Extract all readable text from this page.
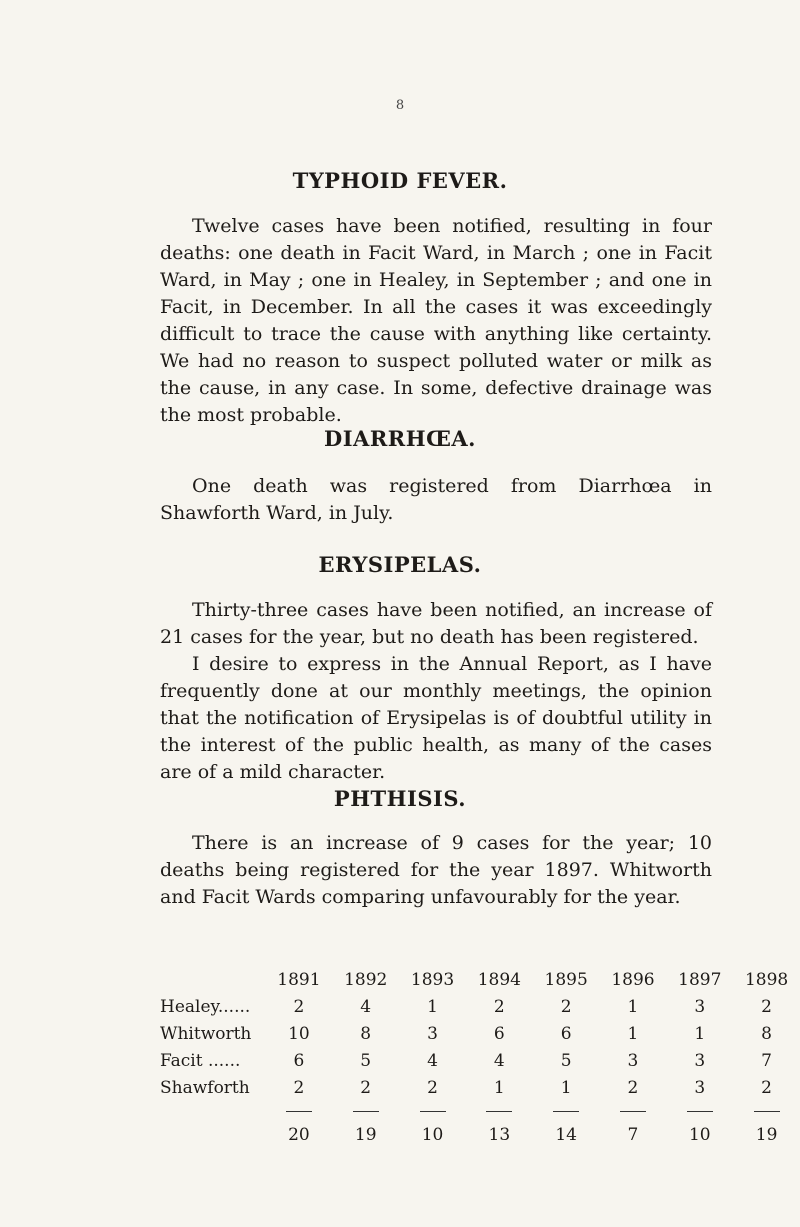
8
TYPHOID FEVER.

Twelve cases have been notified, resulting in four deaths: one death in Facit Ward, in March ; one in Facit Ward, in May ; one in Healey, in September ; and one in Facit, in December. In all the cases it was exceedingly difficult to trace the cause with anything like certainty. We had no reason to suspect polluted water or milk as the cause, in any case. In some, defective drainage was the most probable.

DIARRHŒA.

One death was registered from Diarrhœa in Shawforth Ward, in July.

ERYSIPELAS.

Thirty-three cases have been notified, an increase of 21 cases for the year, but no death has been registered.

I desire to express in the Annual Report, as I have frequently done at our monthly meetings, the opinion that the notification of Erysipelas is of doubtful utility in the interest of the public health, as many of the cases are of a mild character.

PHTHISIS.

There is an increase of 9 cases for the year; 10 deaths being registered for the year 1897. Whitworth and Facit Wards comparing unfavourably for the year.

	1891	1892	1893	1894	1895	1896	1897	1898
Healey......	2	4	1	2	2	1	3	2
Whitworth	10	8	3	6	6	1	1	8
Facit ......	6	5	4	4	5	3	3	7
Shawforth	2	2	2	1	1	2	3	2

	20	19	10	13	14	7	10	19
